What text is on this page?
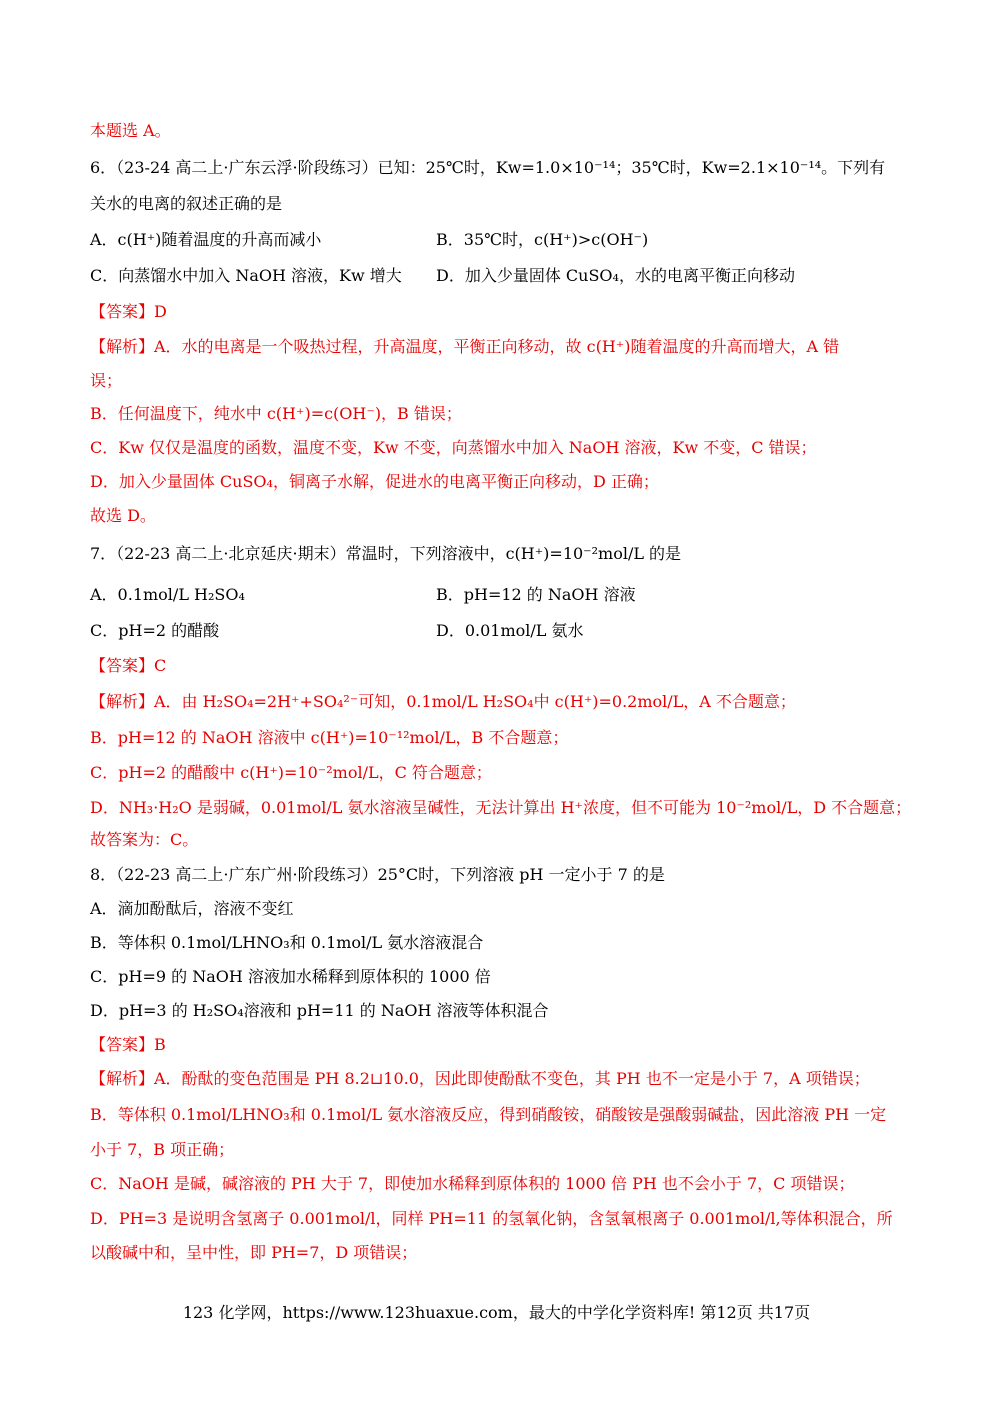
本题选 A。
6．（23-24 高二上·广东云浮·阶段练习）已知：25℃时，Kw=1.0×10⁻¹⁴；35℃时，Kw=2.1×10⁻¹⁴。下列有
关水的电离的叙述正确的是
A．c(H⁺)随着温度的升高而减小	B．35℃时，c(H⁺)>c(OH⁻)
C．向蒸馏水中加入 NaOH 溶液，Kw 增大 D．加入少量固体 CuSO₄，水的电离平衡正向移动
【答案】D
【解析】A．水的电离是一个吸热过程，升高温度，平衡正向移动，故 c(H⁺)随着温度的升高而增大，A 错
误；
B．任何温度下，纯水中 c(H⁺)=c(OH⁻)，B 错误；
C．Kw 仅仅是温度的函数，温度不变，Kw 不变，向蒸馏水中加入 NaOH 溶液，Kw 不变，C 错误；
D．加入少量固体 CuSO₄，铜离子水解，促进水的电离平衡正向移动，D 正确；
故选 D。
7．（22-23 高二上·北京延庆·期末）常温时，下列溶液中，c(H⁺)=10⁻²mol/L 的是
A．0.1mol/L H₂SO₄	B．pH=12 的 NaOH 溶液
C．pH=2 的醋酸	D．0.01mol/L 氨水
【答案】C
【解析】A．由 H₂SO₄=2H⁺+SO₄²⁻可知，0.1mol/L H₂SO₄中 c(H⁺)=0.2mol/L，A 不合题意；
B．pH=12 的 NaOH 溶液中 c(H⁺)=10⁻¹²mol/L，B 不合题意；
C．pH=2 的醋酸中 c(H⁺)=10⁻²mol/L，C 符合题意；
D．NH₃·H₂O 是弱碱，0.01mol/L 氨水溶液呈碱性，无法计算出 H⁺浓度，但不可能为 10⁻²mol/L，D 不合题意；
故答案为：C。
8．（22-23 高二上·广东广州·阶段练习）25°C时，下列溶液 pH 一定小于 7 的是
A．滴加酚酞后，溶液不变红
B．等体积 0.1mol/LHNO₃和 0.1mol/L 氨水溶液混合
C．pH=9 的 NaOH 溶液加水稀释到原体积的 1000 倍
D．pH=3 的 H₂SO₄溶液和 pH=11 的 NaOH 溶液等体积混合
【答案】B
【解析】A．酚酞的变色范围是 PH 8.2⊔10.0，因此即使酚酞不变色，其 PH 也不一定是小于 7，A 项错误；
B．等体积 0.1mol/LHNO₃和 0.1mol/L 氨水溶液反应，得到硝酸铵，硝酸铵是强酸弱碱盐，因此溶液 PH 一定
小于 7，B 项正确；
C．NaOH 是碱，碱溶液的 PH 大于 7，即使加水稀释到原体积的 1000 倍 PH 也不会小于 7，C 项错误；
D．PH=3 是说明含氢离子 0.001mol/l，同样 PH=11 的氢氧化钠，含氢氧根离子 0.001mol/l,等体积混合，所
以酸碱中和，呈中性，即 PH=7，D 项错误；
123 化学网，https://www.123huaxue.com，最大的中学化学资料库! 第12页 共17页
